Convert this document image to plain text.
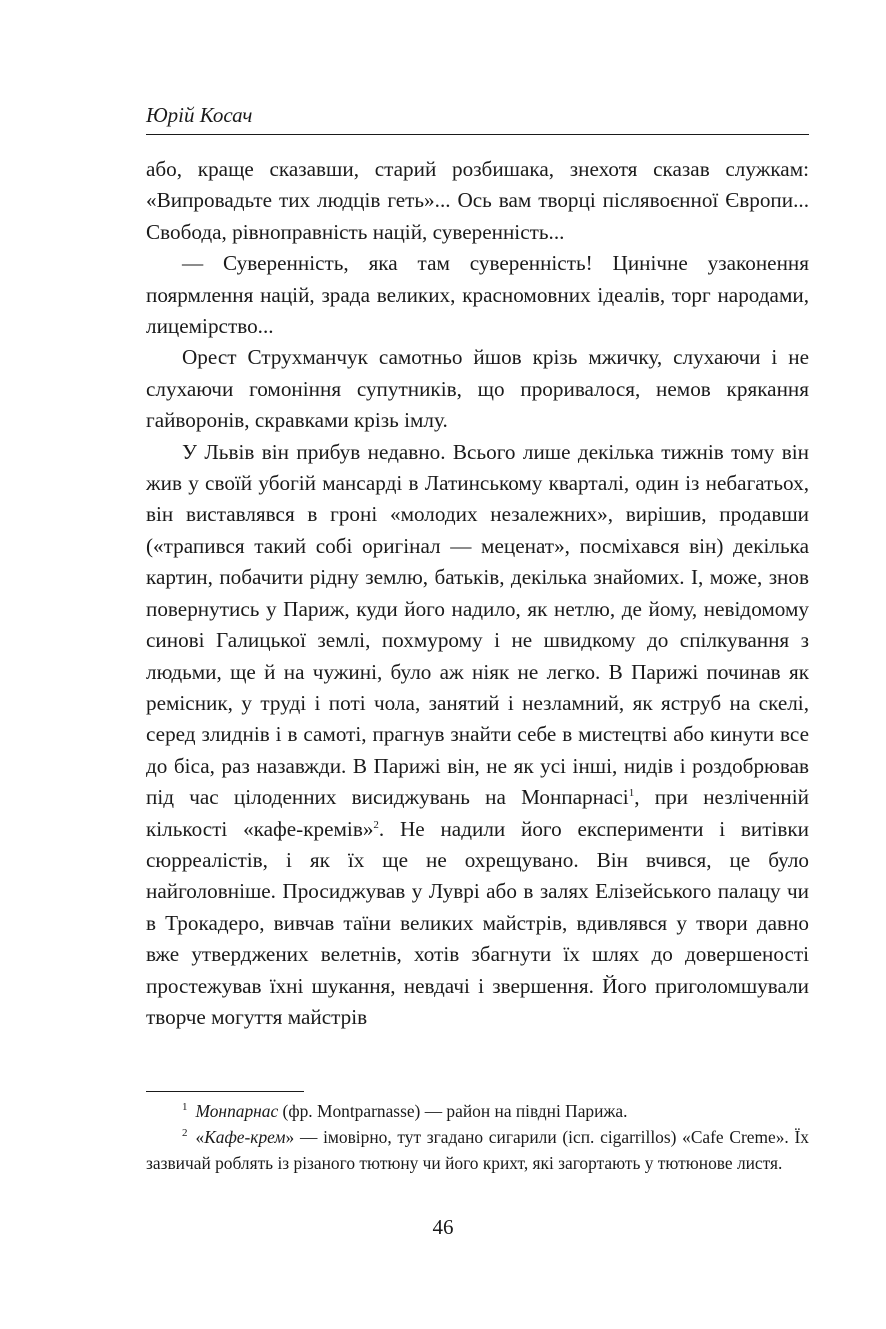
Юрій Косач

або, краще сказавши, старий розбишака, знехотя сказав служкам: «Випровадьте тих людців геть»... Ось вам творці післявоєнної Європи... Свобода, рівноправність націй, суверенність...

— Суверенність, яка там суверенність! Цинічне узаконення поярмлення націй, зрада великих, красномовних ідеалів, торг народами, лицемірство...

Орест Струхманчук самотньо йшов крізь мжичку, слухаючи і не слухаючи гомоніння супутників, що проривалося, немов крякання гайворонів, скравками крізь імлу.

У Львів він прибув недавно. Всього лише декілька тижнів тому він жив у своїй убогій мансарді в Латинському кварталі, один із небагатьох, він виставлявся в гроні «молодих незалежних», вирішив, продавши («трапився такий собі оригінал — меценат», посміхався він) декілька картин, побачити рідну землю, батьків, декілька знайомих. І, може, знов повернутись у Париж, куди його надило, як нетлю, де йому, невідомому синові Галицької землі, похмурому і не швидкому до спілкування з людьми, ще й на чужині, було аж ніяк не легко. В Парижі починав як ремісник, у труді і поті чола, занятий і незламний, як яструб на скелі, серед злиднів і в самоті, прагнув знайти себе в мистецтві або кинути все до біса, раз назавжди. В Парижі він, не як усі інші, нидів і роздобрював під час цілоденних висиджувань на Монпарнасі$^1$, при незліченній кількості «кафе-кремів»$^2$. Не надили його експерименти і витівки сюрреалістів, і як їх ще не охрещувано. Він вчився, це було найголовніше. Просиджував у Луврі або в залях Елізейського палацу чи в Трокадеро, вивчав таїни великих майстрів, вдивлявся у твори давно вже утверджених велетнів, хотів збагнути їх шлях до довершеності простежував їхні шукання, невдачі і звершення. Його приголомшували творче могуття майстрів

$^1$ Монпарнас (фр. Montparnasse) — район на півдні Парижа.

$^2$ «Кафе-крем» — імовірно, тут згадано сигарили (ісп. cigarrillos) «Cafe Creme». Їх зазвичай роблять із різаного тютюну чи його крихт, які загортають у тютюнове листя.

46
